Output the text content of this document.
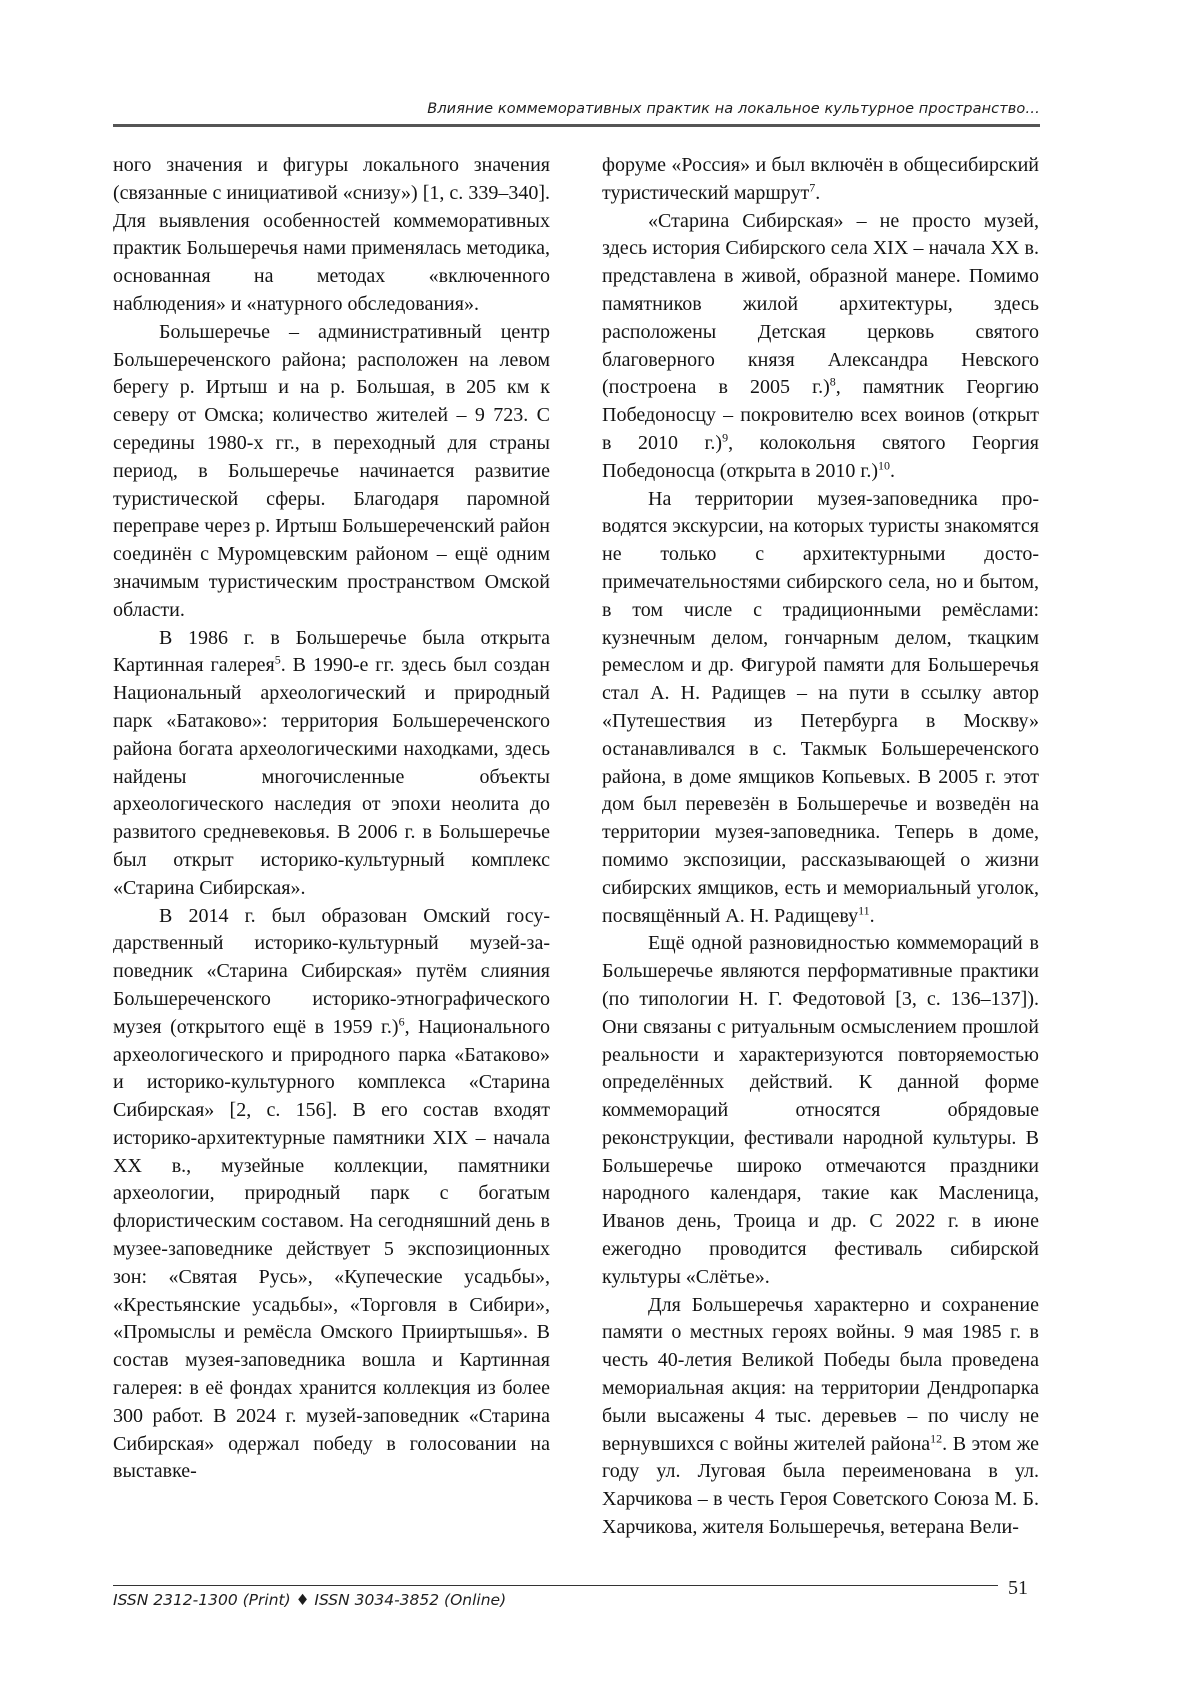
Влияние коммеморативных практик на локальное культурное пространство…

ного значения и фигуры локального значения (связанные с инициативой «снизу») [1, с. 339–340]. Для выявления особенностей коммеморативных практик Большеречья нами применялась методика, основанная на методах «включенного наблюдения» и «натурного обследования».

Большеречье – административный центр Большереченского района; расположен на левом берегу р. Иртыш и на р. Большая, в 205 км к северу от Омска; количество жителей – 9 723. С середины 1980-х гг., в переходный для страны период, в Большеречье начинается развитие туристической сферы. Благодаря паромной переправе через р. Иртыш Большереченский район соединён с Муромцевским районом – ещё одним значимым туристическим пространством Омской области.

В 1986 г. в Большеречье была открыта Картинная галерея$^5$. В 1990-е гг. здесь был создан Национальный археологический и природный парк «Батаково»: территория Большереченского района богата археологическими находками, здесь найдены многочисленные объекты археологического наследия от эпохи неолита до развитого средневековья. В 2006 г. в Большеречье был открыт историко-культурный комплекс «Старина Сибирская».

В 2014 г. был образован Омский государственный историко-культурный музей-заповедник «Старина Сибирская» путём слияния Большереченского историко-этнографического музея (открытого ещё в 1959 г.)$^6$, Национального археологического и природного парка «Батаково» и историко-культурного комплекса «Старина Сибирская» [2, с. 156]. В его состав входят историко-архитектурные памятники XIX – начала XX в., музейные коллекции, памятники археологии, природный парк с богатым флористическим составом. На сегодняшний день в музее-заповеднике действует 5 экспозиционных зон: «Святая Русь», «Купеческие усадьбы», «Крестьянские усадьбы», «Торговля в Сибири», «Промыслы и ремёсла Омского Прииртышья». В состав музея-заповедника вошла и Картинная галерея: в её фондах хранится коллекция из более 300 работ. В 2024 г. музей-заповедник «Старина Сибирская» одержал победу в голосовании на выставке-

форуме «Россия» и был включён в общесибирский туристический маршрут$^7$.

«Старина Сибирская» – не просто музей, здесь история Сибирского села XIX – начала XX в. представлена в живой, образной манере. Помимо памятников жилой архитектуры, здесь расположены Детская церковь святого благоверного князя Александра Невского (построена в 2005 г.)$^8$, памятник Георгию Победоносцу – покровителю всех воинов (открыт в 2010 г.)$^9$, колокольня святого Георгия Победоносца (открыта в 2010 г.)$^{10}$.

На территории музея-заповедника проводятся экскурсии, на которых туристы знакомятся не только с архитектурными достопримечательностями сибирского села, но и бытом, в том числе с традиционными ремёслами: кузнечным делом, гончарным делом, ткацким ремеслом и др. Фигурой памяти для Большеречья стал А. Н. Радищев – на пути в ссылку автор «Путешествия из Петербурга в Москву» останавливался в с. Такмык Большереченского района, в доме ямщиков Копьевых. В 2005 г. этот дом был перевезён в Большеречье и возведён на территории музея-заповедника. Теперь в доме, помимо экспозиции, рассказывающей о жизни сибирских ямщиков, есть и мемориальный уголок, посвящённый А. Н. Радищеву$^{11}$.

Ещё одной разновидностью коммемораций в Большеречье являются перформативные практики (по типологии Н. Г. Федотовой [3, с. 136–137]). Они связаны с ритуальным осмыслением прошлой реальности и характеризуются повторяемостью определённых действий. К данной форме коммемораций относятся обрядовые реконструкции, фестивали народной культуры. В Большеречье широко отмечаются праздники народного календаря, такие как Масленица, Иванов день, Троица и др. С 2022 г. в июне ежегодно проводится фестиваль сибирской культуры «Слётье».

Для Большеречья характерно и сохранение памяти о местных героях войны. 9 мая 1985 г. в честь 40-летия Великой Победы была проведена мемориальная акция: на территории Дендропарка были высажены 4 тыс. деревьев – по числу не вернувшихся с войны жителей района$^{12}$. В этом же году ул. Луговая была переименована в ул. Харчикова – в честь Героя Советского Союза М. Б. Харчикова, жителя Большеречья, ветерана Вели-

ISSN 2312-1300 (Print) ♦ ISSN 3034-3852 (Online)
51
